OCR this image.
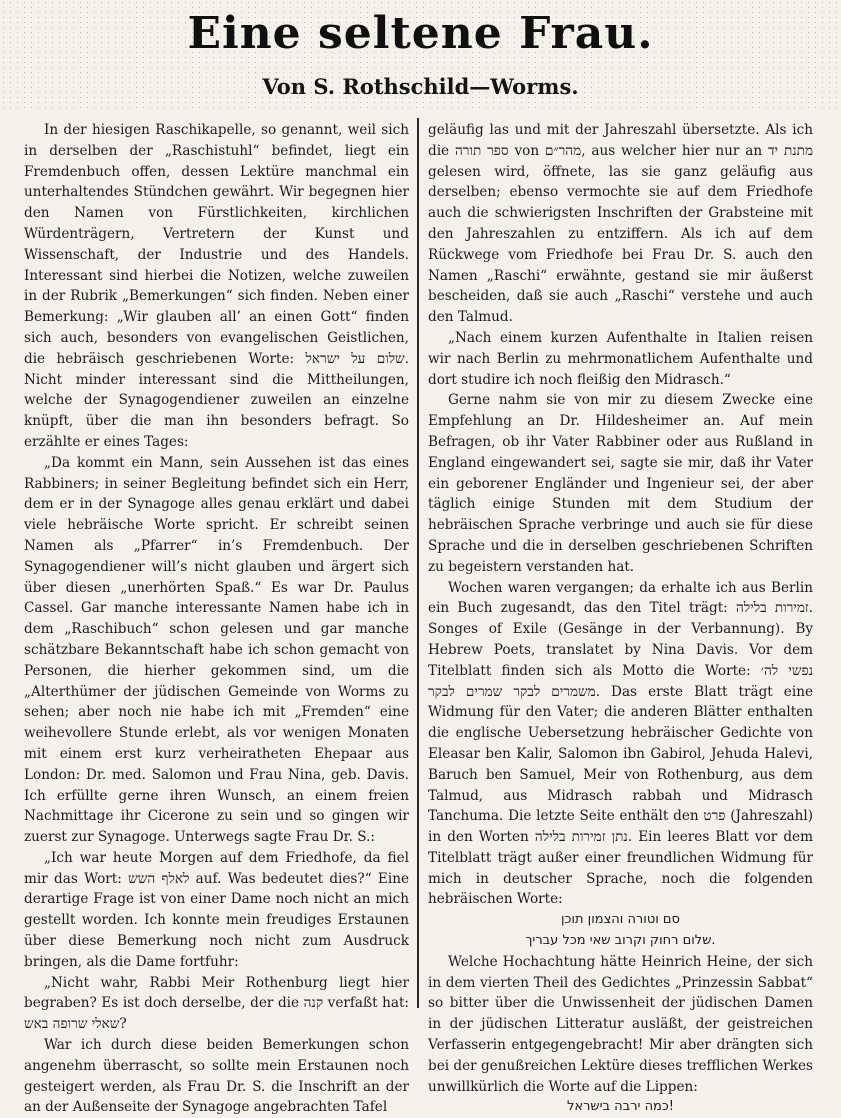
Eine seltene Frau.
Von S. Rothschild—Worms.

In der hiesigen Raschikapelle, so genannt, weil sich in derselben der „Raschistuhl“ befindet, liegt ein Fremdenbuch offen, dessen Lektüre manchmal ein unterhaltendes Stündchen gewährt. Wir begegnen hier den Namen von Fürstlichkeiten, kirchlichen Würdenträgern, Vertretern der Kunst und Wissenschaft, der Industrie und des Handels. Interessant sind hierbei die Notizen, welche zuweilen in der Rubrik „Bemerkungen“ sich finden. Neben einer Bemerkung: „Wir glauben all’ an einen Gott“ finden sich auch, besonders von evangelischen Geistlichen, die hebräisch geschriebenen Worte: שלום על ישראל. Nicht minder interessant sind die Mittheilungen, welche der Synagogendiener zuweilen an einzelne knüpft, über die man ihn besonders befragt. So erzählte er eines Tages:

„Da kommt ein Mann, sein Aussehen ist das eines Rabbiners; in seiner Begleitung befindet sich ein Herr, dem er in der Synagoge alles genau erklärt und dabei viele hebräische Worte spricht. Er schreibt seinen Namen als „Pfarrer“ in’s Fremdenbuch. Der Synagogendiener will’s nicht glauben und ärgert sich über diesen „unerhörten Spaß.“ Es war Dr. Paulus Cassel. Gar manche interessante Namen habe ich in dem „Raschibuch“ schon gelesen und gar manche schätzbare Bekanntschaft habe ich schon gemacht von Personen, die hierher gekommen sind, um die „Alterthümer der jüdischen Gemeinde von Worms zu sehen; aber noch nie habe ich mit „Fremden“ eine weihevollere Stunde erlebt, als vor wenigen Monaten mit einem erst kurz verheiratheten Ehepaar aus London: Dr. med. Salomon und Frau Nina, geb. Davis. Ich erfüllte gerne ihren Wunsch, an einem freien Nachmittage ihr Cicerone zu sein und so gingen wir zuerst zur Synagoge. Unterwegs sagte Frau Dr. S.:

„Ich war heute Morgen auf dem Friedhofe, da fiel mir das Wort: לאלף השש auf. Was bedeutet dies?“ Eine derartige Frage ist von einer Dame noch nicht an mich gestellt worden. Ich konnte mein freudiges Erstaunen über diese Bemerkung noch nicht zum Ausdruck bringen, als die Dame fortfuhr:

„Nicht wahr, Rabbi Meir Rothenburg liegt hier begraben? Es ist doch derselbe, der die קנה verfaßt hat: שאלי שרופה באש?

War ich durch diese beiden Bemerkungen schon angenehm überrascht, so sollte mein Erstaunen noch gesteigert werden, als Frau Dr. S. die Inschrift an der an der Außenseite der Synagoge angebrachten Tafel

geläufig las und mit der Jahreszahl übersetzte. Als ich die ספר תורה von מהר״ם, aus welcher hier nur an מתנת יד gelesen wird, öffnete, las sie ganz geläufig aus derselben; ebenso vermochte sie auf dem Friedhofe auch die schwierigsten Inschriften der Grabsteine mit den Jahreszahlen zu entziffern. Als ich auf dem Rückwege vom Friedhofe bei Frau Dr. S. auch den Namen „Raschi“ erwähnte, gestand sie mir äußerst bescheiden, daß sie auch „Raschi“ verstehe und auch den Talmud.

„Nach einem kurzen Aufenthalte in Italien reisen wir nach Berlin zu mehrmonatlichem Aufenthalte und dort studire ich noch fleißig den Midrasch.“

Gerne nahm sie von mir zu diesem Zwecke eine Empfehlung an Dr. Hildesheimer an. Auf mein Befragen, ob ihr Vater Rabbiner oder aus Rußland in England eingewandert sei, sagte sie mir, daß ihr Vater ein geborener Engländer und Ingenieur sei, der aber täglich einige Stunden mit dem Studium der hebräischen Sprache verbringe und auch sie für diese Sprache und die in derselben geschriebenen Schriften zu begeistern verstanden hat.

Wochen waren vergangen; da erhalte ich aus Berlin ein Buch zugesandt, das den Titel trägt: זמירות בלילה. Songes of Exile (Gesänge in der Verbannung). By Hebrew Poets, translatet by Nina Davis. Vor dem Titelblatt finden sich als Motto die Worte: נפשי לה׳ משמרים לבקר שמרים לבקר. Das erste Blatt trägt eine Widmung für den Vater; die anderen Blätter enthalten die englische Uebersetzung hebräischer Gedichte von Eleasar ben Kalir, Salomon ibn Gabirol, Jehuda Halevi, Baruch ben Samuel, Meir von Rothenburg, aus dem Talmud, aus Midrasch rabbah und Midrasch Tanchuma. Die letzte Seite enthält den פרט (Jahreszahl) in den Worten נתן זמירות בלילה. Ein leeres Blatt vor dem Titelblatt trägt außer einer freundlichen Widmung für mich in deutscher Sprache, noch die folgenden hebräischen Worte:

סם וטורה והצמון תוכן

שלום רחוק וקרוב שאי מכל עבריך.

Welche Hochachtung hätte Heinrich Heine, der sich in dem vierten Theil des Gedichtes „Prinzessin Sabbat“ so bitter über die Unwissenheit der jüdischen Damen in der jüdischen Litteratur ausläßt, der geistreichen Verfasserin entgegengebracht! Mir aber drängten sich bei der genußreichen Lektüre dieses trefflichen Werkes unwillkürlich die Worte auf die Lippen:

כמה ירבה בישראל!
